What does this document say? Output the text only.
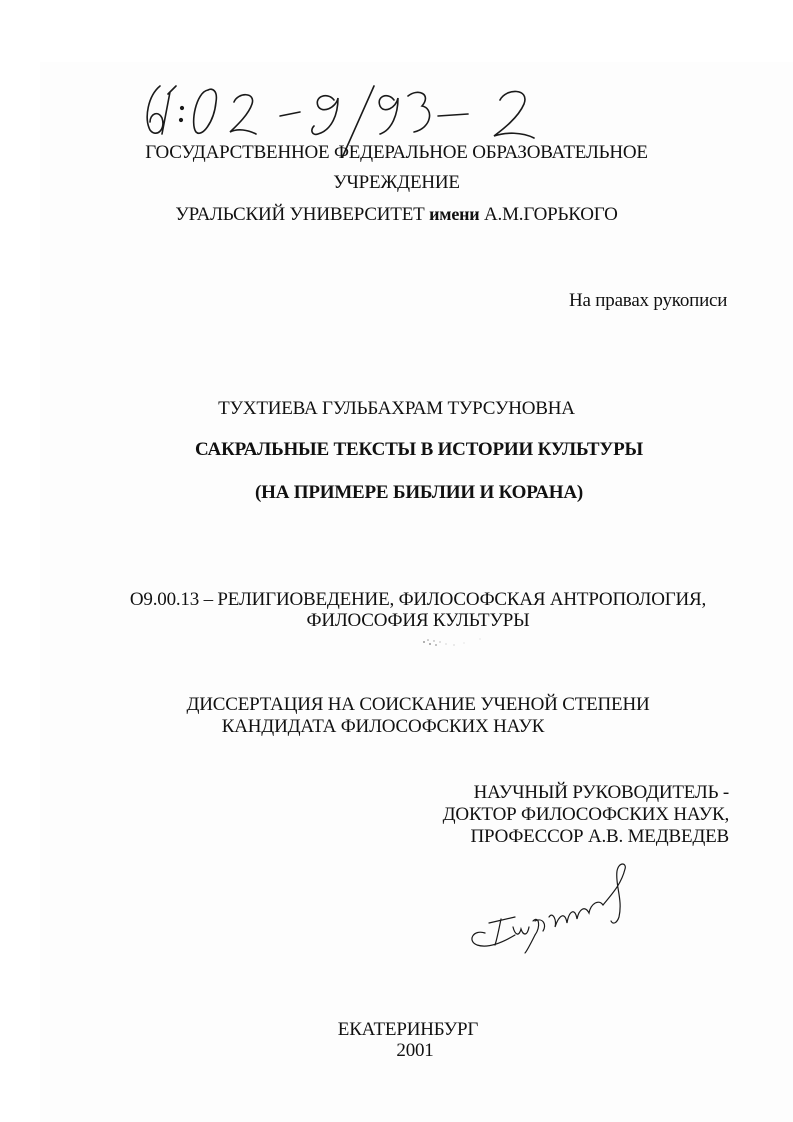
ГОСУДАРСТВЕННОЕ ФЕДЕРАЛЬНОЕ ОБРАЗОВАТЕЛЬНОЕ
УЧРЕЖДЕНИЕ
УРАЛЬСКИЙ УНИВЕРСИТЕТ имени А.М.ГОРЬКОГО
На правах рукописи
ТУХТИЕВА ГУЛЬБАХРАМ ТУРСУНОВНА
САКРАЛЬНЫЕ ТЕКСТЫ В ИСТОРИИ КУЛЬТУРЫ
(НА ПРИМЕРЕ БИБЛИИ И КОРАНА)
О9.00.13 – РЕЛИГИОВЕДЕНИЕ, ФИЛОСОФСКАЯ АНТРОПОЛОГИЯ,
ФИЛОСОФИЯ КУЛЬТУРЫ
ДИССЕРТАЦИЯ НА СОИСКАНИЕ УЧЕНОЙ СТЕПЕНИ
КАНДИДАТА ФИЛОСОФСКИХ НАУК
НАУЧНЫЙ РУКОВОДИТЕЛЬ -
ДОКТОР ФИЛОСОФСКИХ НАУК,
ПРОФЕССОР А.В. МЕДВЕДЕВ
ЕКАТЕРИНБУРГ
2001
